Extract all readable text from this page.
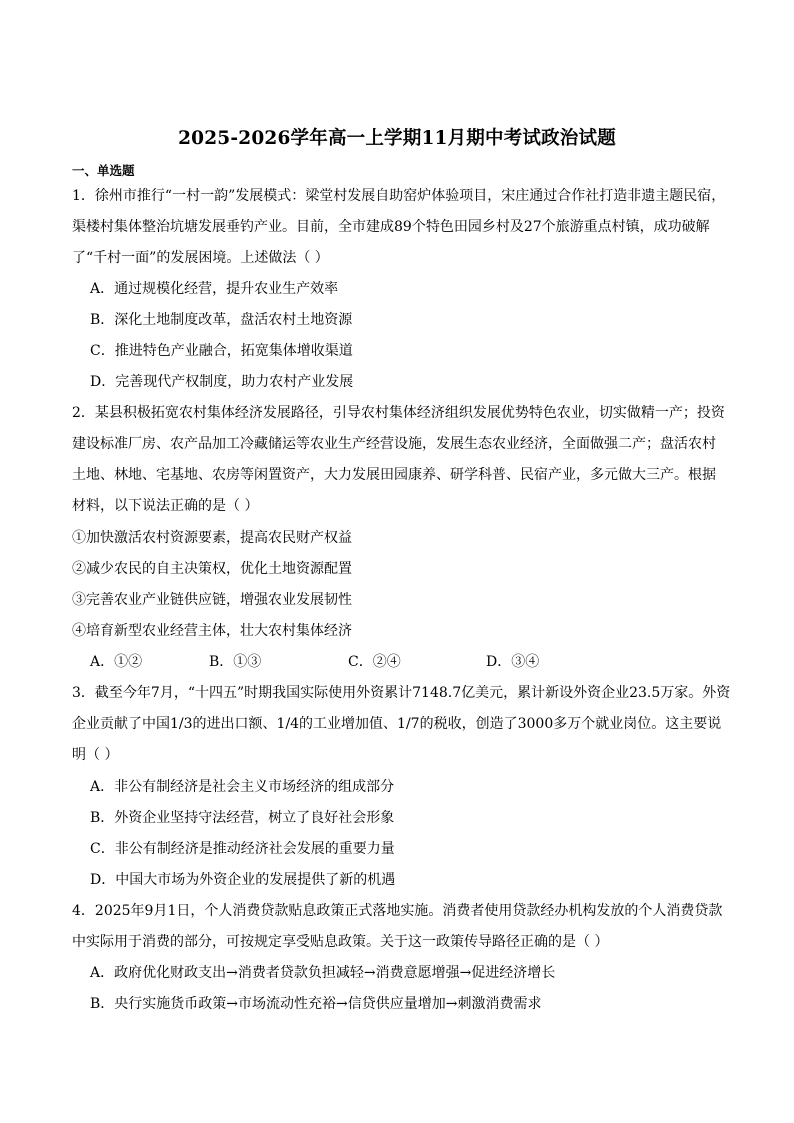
2025-2026学年高一上学期11月期中考试政治试题
一、单选题
1．徐州市推行“一村一韵”发展模式：梁堂村发展自助窑炉体验项目，宋庄通过合作社打造非遗主题民宿，
渠楼村集体整治坑塘发展垂钓产业。目前，全市建成89个特色田园乡村及27个旅游重点村镇，成功破解
了“千村一面”的发展困境。上述做法（ ）
A．通过规模化经营，提升农业生产效率
B．深化土地制度改革，盘活农村土地资源
C．推进特色产业融合，拓宽集体增收渠道
D．完善现代产权制度，助力农村产业发展
2．某县积极拓宽农村集体经济发展路径，引导农村集体经济组织发展优势特色农业，切实做精一产；投资
建设标准厂房、农产品加工冷藏储运等农业生产经营设施，发展生态农业经济，全面做强二产；盘活农村
土地、林地、宅基地、农房等闲置资产，大力发展田园康养、研学科普、民宿产业，多元做大三产。根据
材料，以下说法正确的是（ ）
①加快激活农村资源要素，提高农民财产权益
②减少农民的自主决策权，优化土地资源配置
③完善农业产业链供应链，增强农业发展韧性
④培育新型农业经营主体，壮大农村集体经济
A．①②	B．①③	C．②④	D．③④
3．截至今年7月，“十四五”时期我国实际使用外资累计7148.7亿美元，累计新设外资企业23.5万家。外资
企业贡献了中国1/3的进出口额、1/4的工业增加值、1/7的税收，创造了3000多万个就业岗位。这主要说
明（ ）
A．非公有制经济是社会主义市场经济的组成部分
B．外资企业坚持守法经营，树立了良好社会形象
C．非公有制经济是推动经济社会发展的重要力量
D．中国大市场为外资企业的发展提供了新的机遇
4．2025年9月1日，个人消费贷款贴息政策正式落地实施。消费者使用贷款经办机构发放的个人消费贷款
中实际用于消费的部分，可按规定享受贴息政策。关于这一政策传导路径正确的是（ ）
A．政府优化财政支出→消费者贷款负担减轻→消费意愿增强→促进经济增长
B．央行实施货币政策→市场流动性充裕→信贷供应量增加→刺激消费需求
